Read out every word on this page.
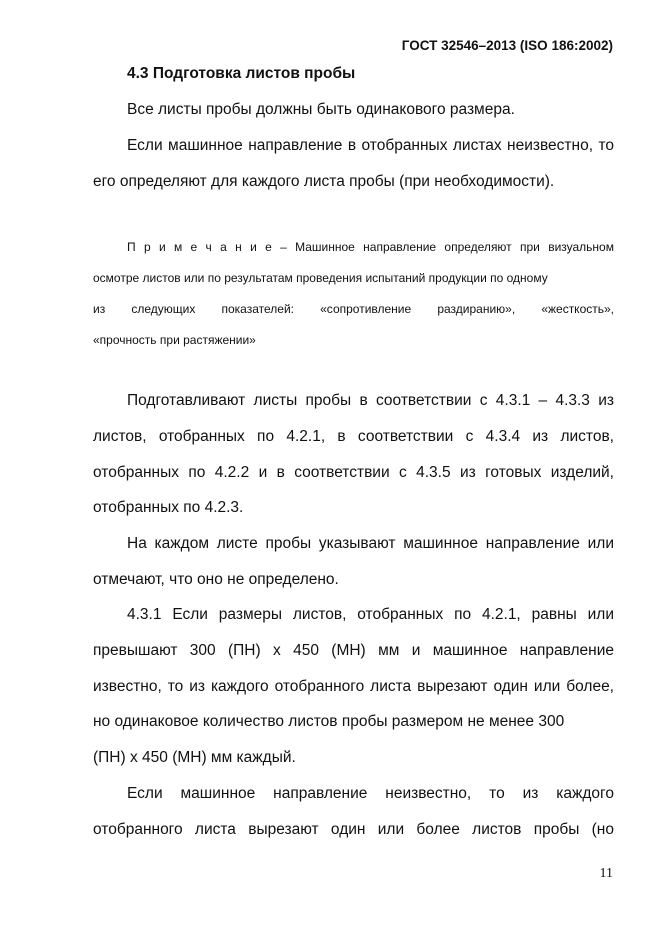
ГОСТ 32546–2013 (ISO 186:2002)
4.3 Подготовка листов пробы
Все листы пробы должны быть одинакового размера.
Если машинное направление в отобранных листах неизвестно, то
его определяют для каждого листа пробы (при необходимости).
П р и м е ч а н и е – Машинное направление определяют при визуальном
осмотре листов или по результатам проведения испытаний продукции по одному
из следующих показателей: «сопротивление раздиранию», «жесткость»,
«прочность при растяжении»
Подготавливают листы пробы в соответствии с 4.3.1 – 4.3.3 из
листов, отобранных по 4.2.1, в соответствии с 4.3.4 из листов,
отобранных по 4.2.2 и в соответствии с 4.3.5 из готовых изделий,
отобранных по 4.2.3.
На каждом листе пробы указывают машинное направление или
отмечают, что оно не определено.
4.3.1 Если размеры листов, отобранных по 4.2.1, равны или
превышают 300 (ПН) х 450 (МН) мм и машинное направление
известно, то из каждого отобранного листа вырезают один или более,
но одинаковое количество листов пробы размером не менее 300
(ПН) х 450 (МН) мм каждый.
Если машинное направление неизвестно, то из каждого
отобранного листа вырезают один или более листов пробы (но
11
